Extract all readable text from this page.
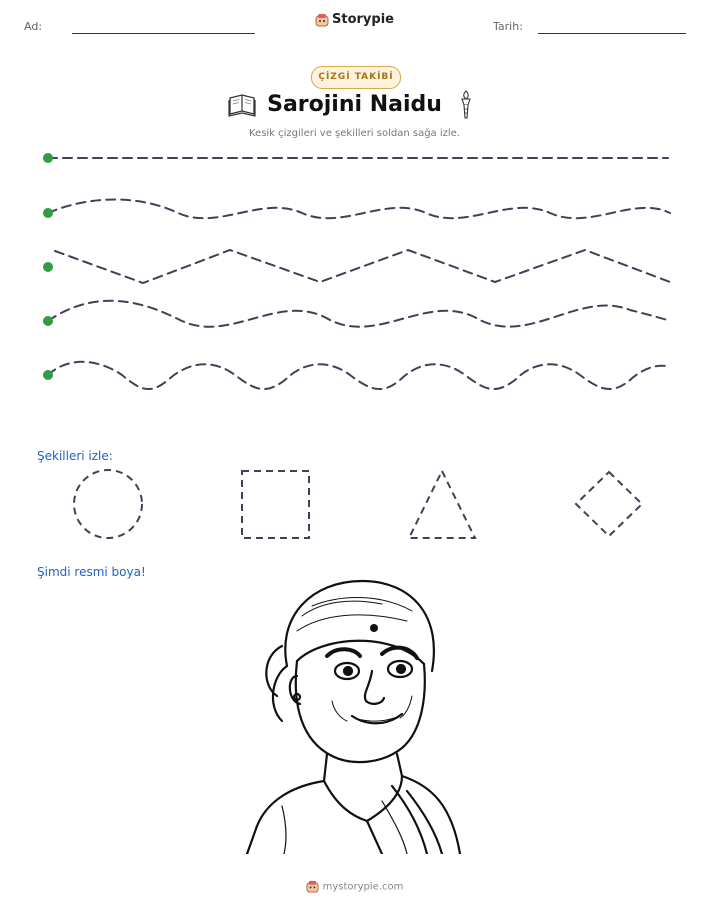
Ad:	Storypie	Tarih:
ÇİZGİ TAKİBİ
Sarojini Naidu
Kesik çizgileri ve şekilleri soldan sağa izle.
Şekilleri izle:
Şimdi resmi boya!
mystorypie.com
